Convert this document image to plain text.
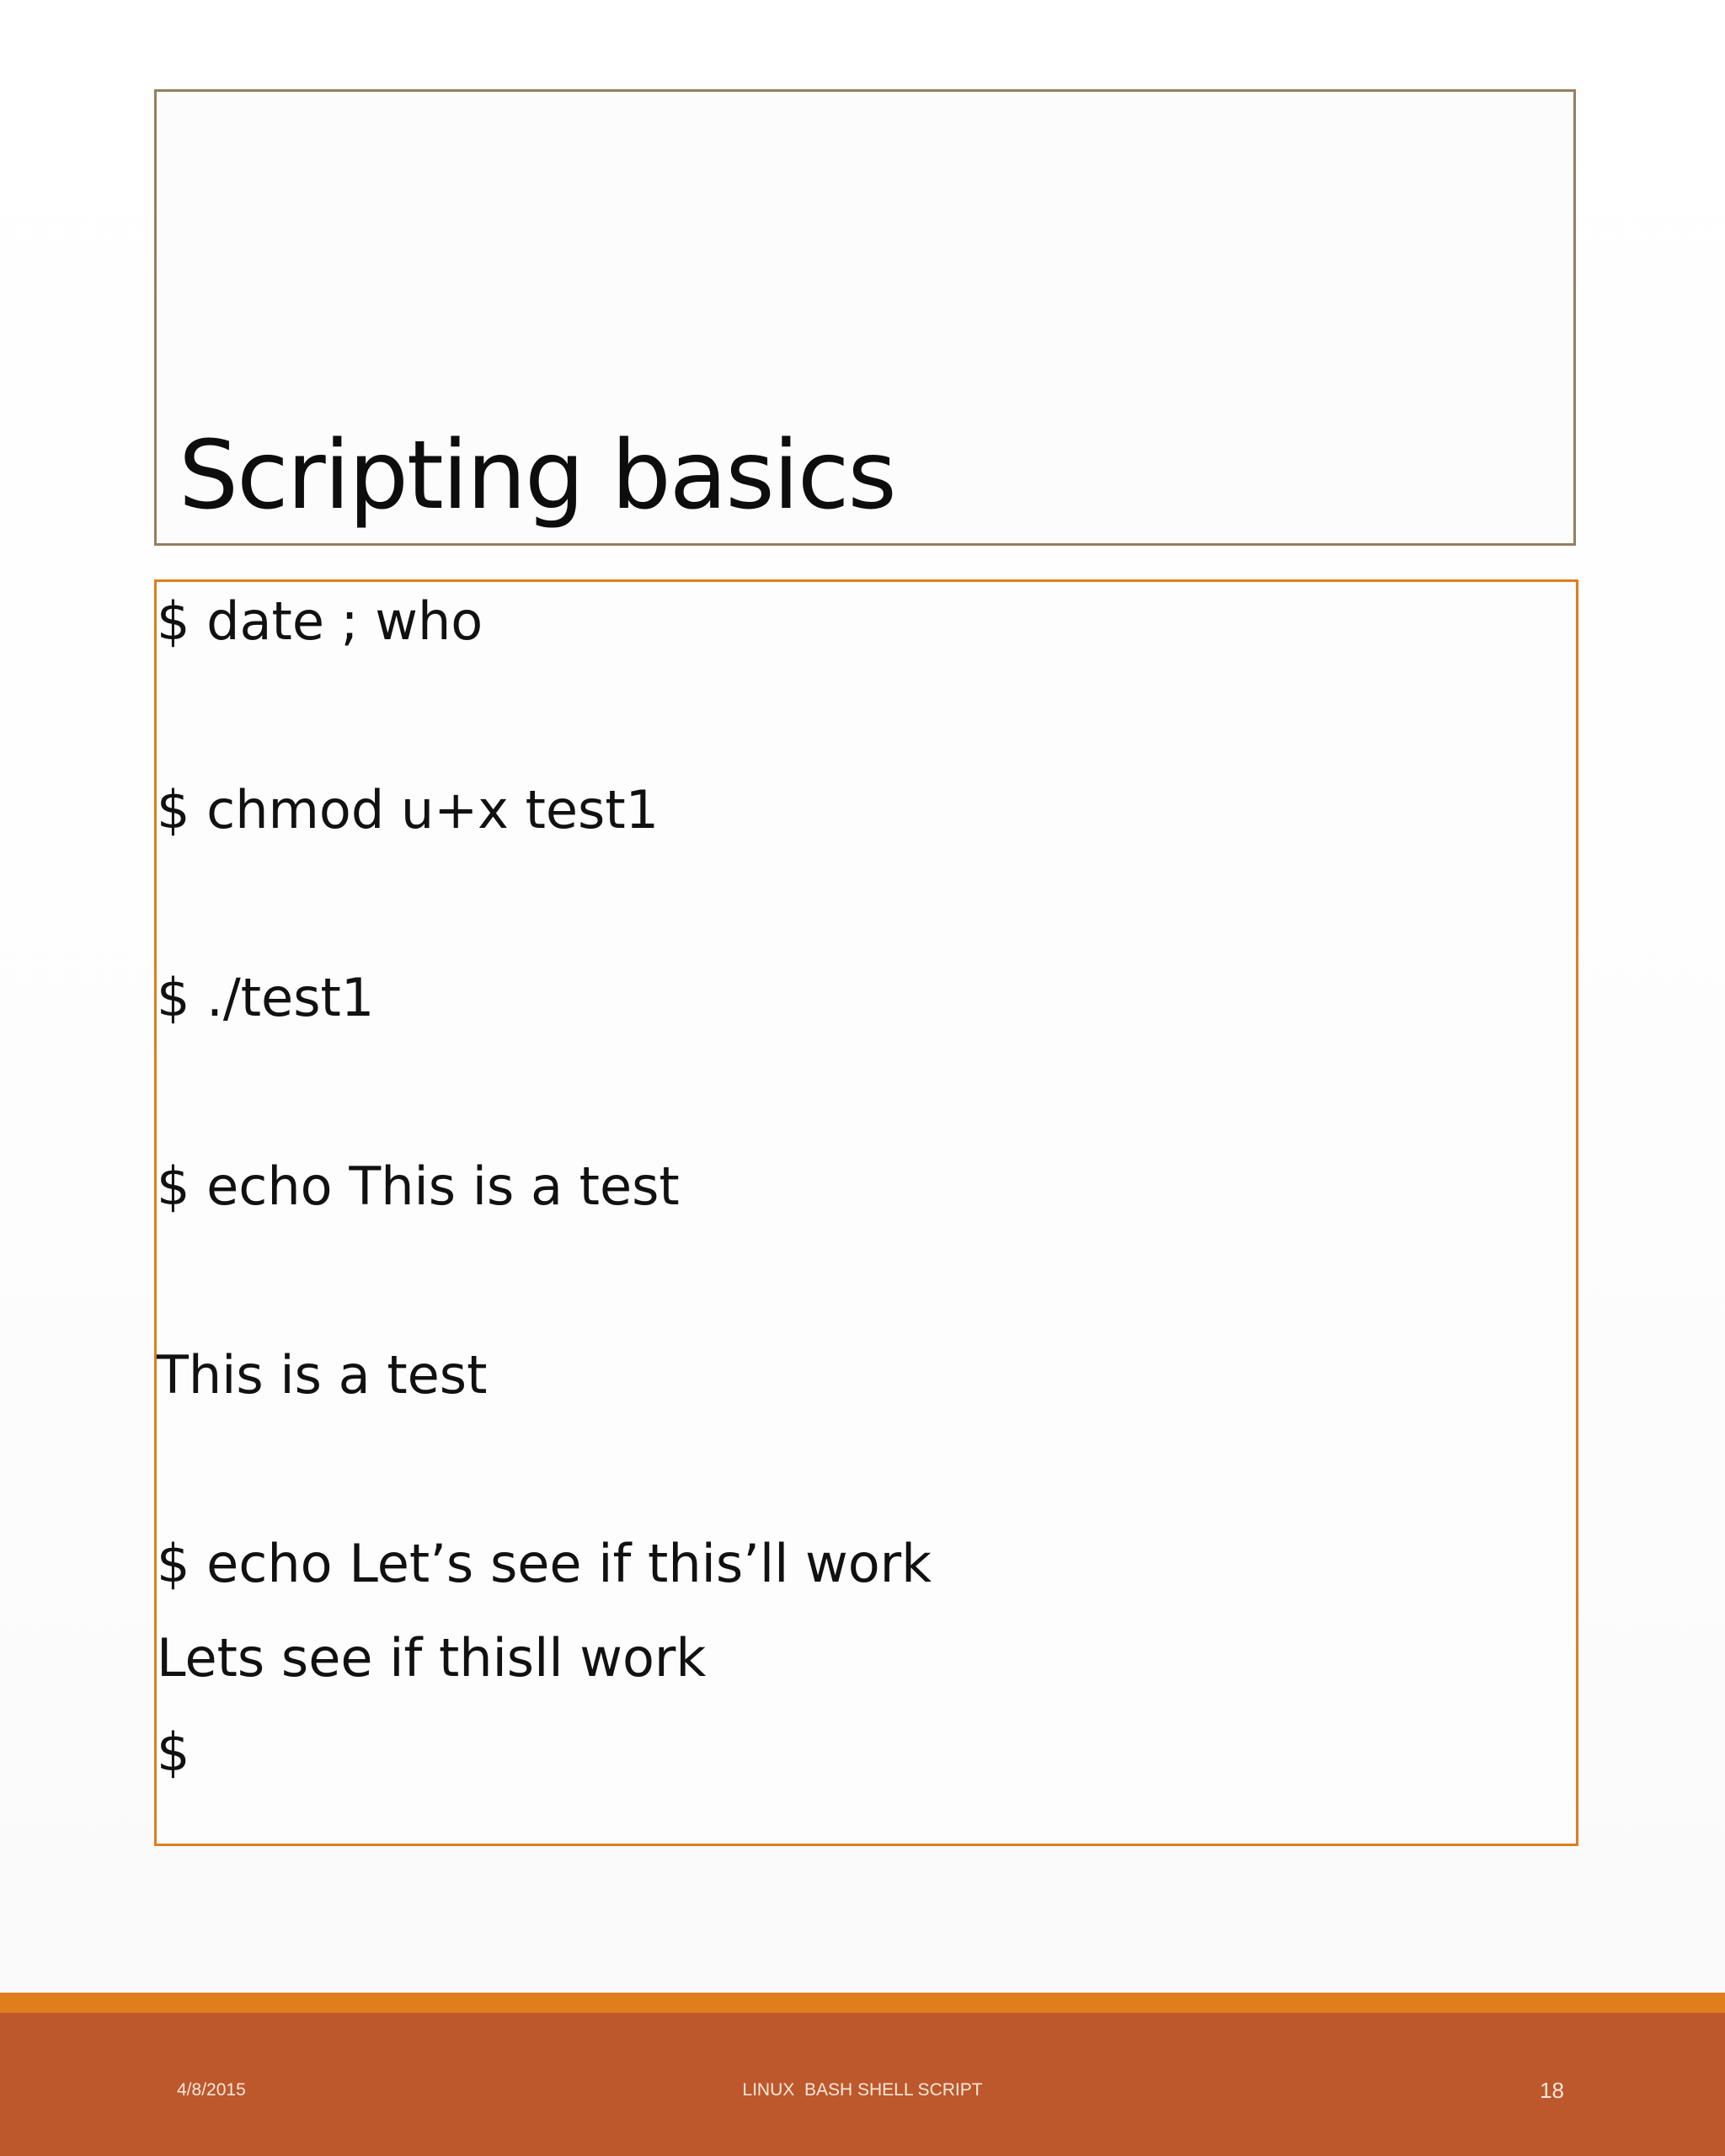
Scripting basics

$ date ; who

$ chmod u+x test1

$ ./test1

$ echo This is a test

This is a test

$ echo Let’s see if this’ll work

Lets see if thisll work

$

4/8/2015	LINUX  BASH SHELL SCRIPT	18
